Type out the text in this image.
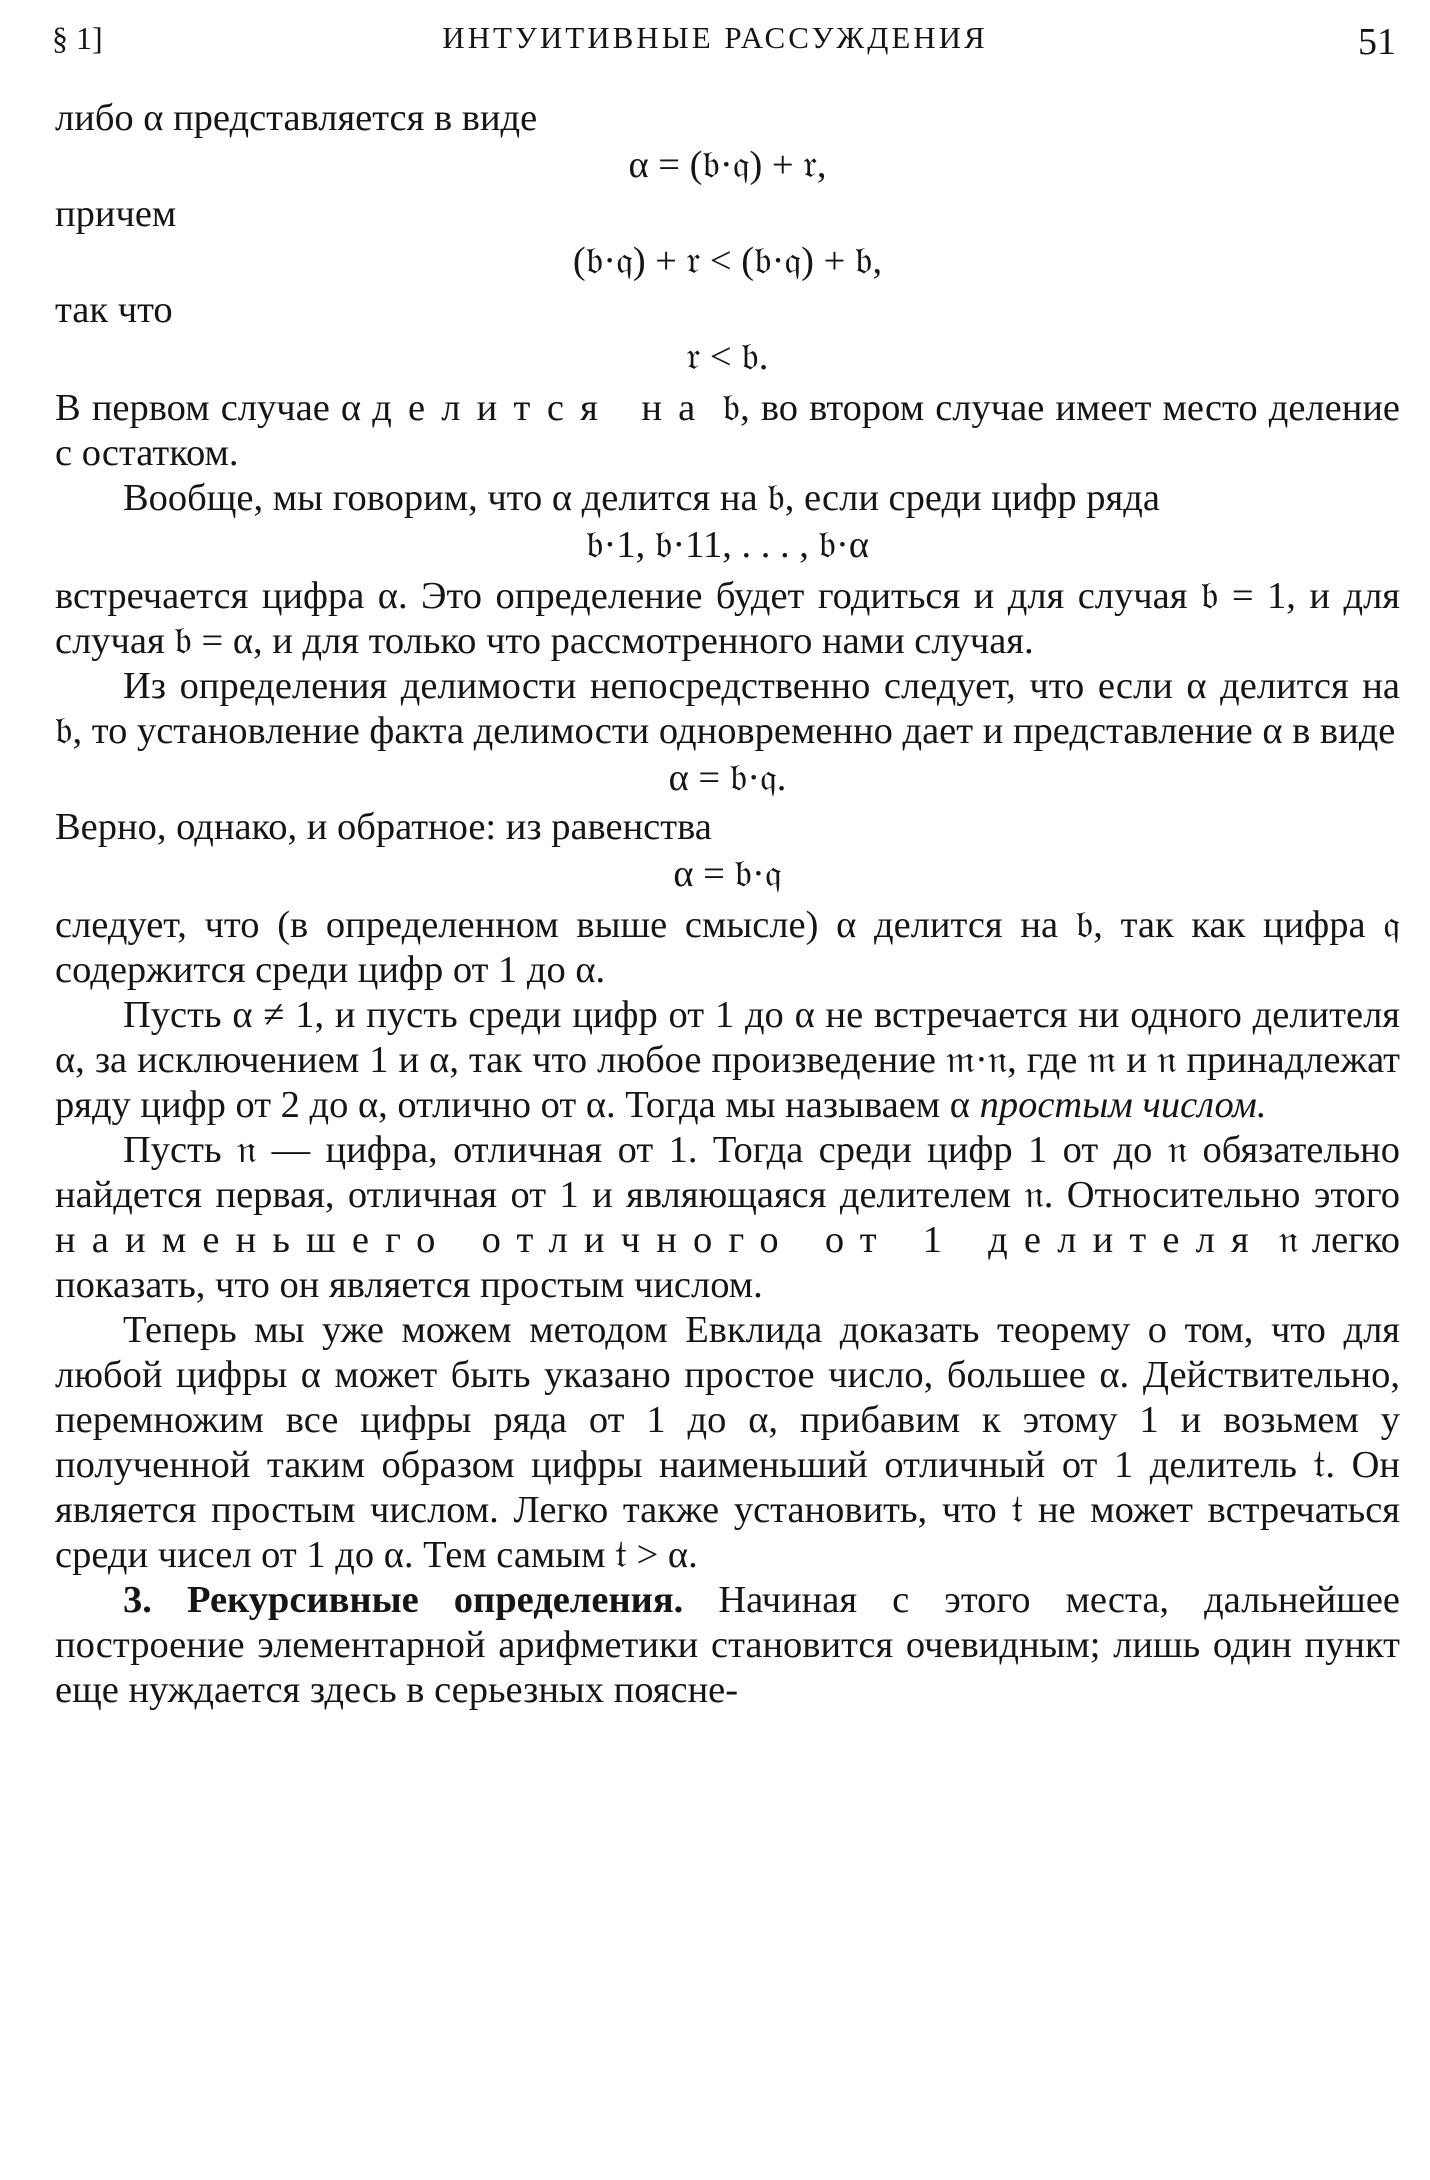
§ 1]	ИНТУИТИВНЫЕ РАССУЖДЕНИЯ	51

либо α представляется в виде

α = (𝔟·𝔮) + 𝔯,

причем

(𝔟·𝔮) + 𝔯 < (𝔟·𝔮) + 𝔟,

так что

𝔯 < 𝔟.

В первом случае α делится на 𝔟, во втором случае имеет место деление с остатком.

Вообще, мы говорим, что α делится на 𝔟, если среди цифр ряда

𝔟·1, 𝔟·11, . . . , 𝔟·α

встречается цифра α. Это определение будет годиться и для случая 𝔟 = 1, и для случая 𝔟 = α, и для только что рассмотренного нами случая.

Из определения делимости непосредственно следует, что если α делится на 𝔟, то установление факта делимости одновременно дает и представление α в виде

α = 𝔟·𝔮.

Верно, однако, и обратное: из равенства

α = 𝔟·𝔮

следует, что (в определенном выше смысле) α делится на 𝔟, так как цифра 𝔮 содержится среди цифр от 1 до α.

Пусть α ≠ 1, и пусть среди цифр от 1 до α не встречается ни одного делителя α, за исключением 1 и α, так что любое произведение 𝔪·𝔫, где 𝔪 и 𝔫 принадлежат ряду цифр от 2 до α, отлично от α. Тогда мы называем α простым числом.

Пусть 𝔫 — цифра, отличная от 1. Тогда среди цифр 1 от до 𝔫 обязательно найдется первая, отличная от 1 и являющаяся делителем 𝔫. Относительно этого наименьшего отличного от 1 делителя 𝔫 легко показать, что он является простым числом.

Теперь мы уже можем методом Евклида доказать теорему о том, что для любой цифры α может быть указано простое число, большее α. Действительно, перемножим все цифры ряда от 1 до α, прибавим к этому 1 и возьмем у полученной таким образом цифры наименьший отличный от 1 делитель 𝔱. Он является простым числом. Легко также установить, что 𝔱 не может встречаться среди чисел от 1 до α. Тем самым 𝔱 > α.

3. Рекурсивные определения. Начиная с этого места, дальнейшее построение элементарной арифметики становится очевидным; лишь один пункт еще нуждается здесь в серьезных поясне-
